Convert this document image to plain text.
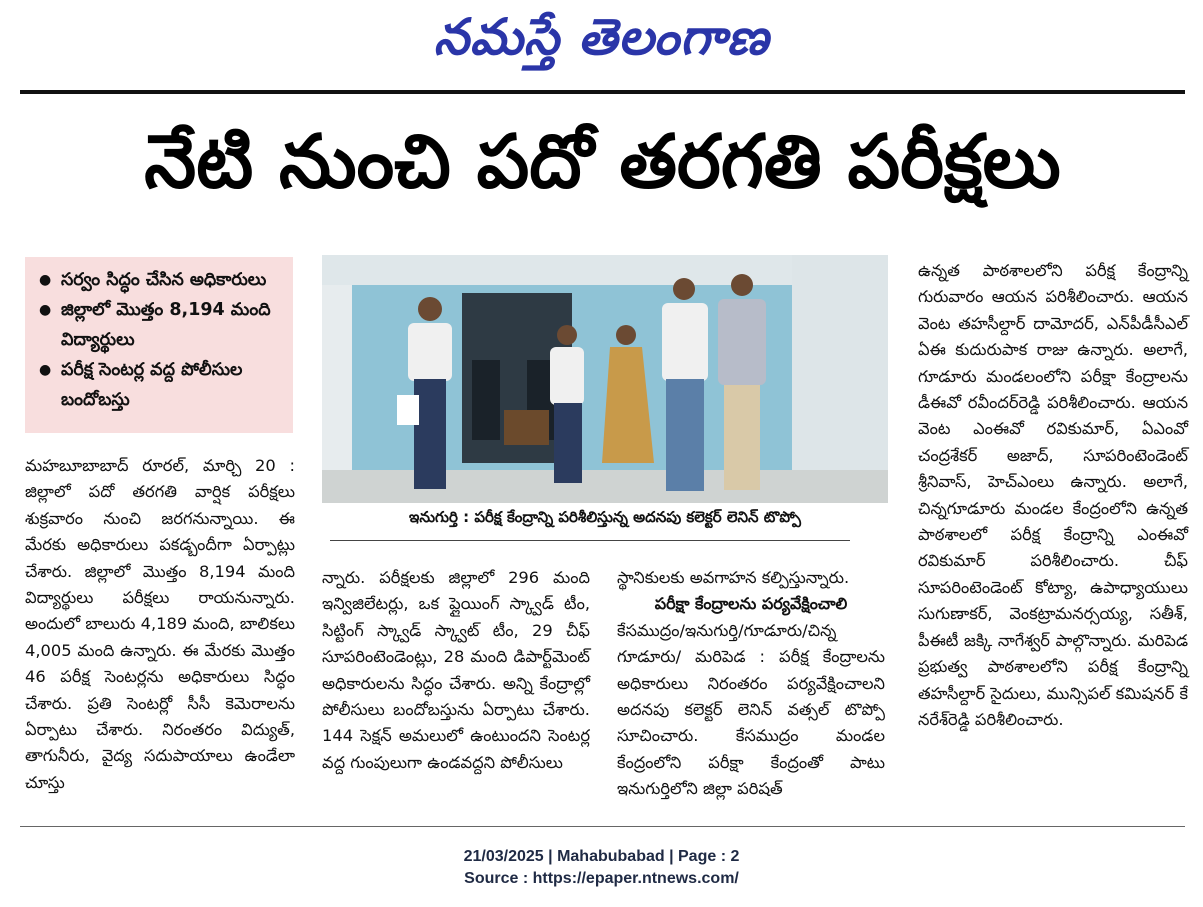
నమస్తే తెలంగాణ
నేటి నుంచి పదో తరగతి పరీక్షలు
● సర్వం సిద్ధం చేసిన అధికారులు
● జిల్లాలో మొత్తం 8,194 మంది విద్యార్థులు
● పరీక్ష సెంటర్ల వద్ద పోలీసుల బందోబస్తు
ఇనుగుర్తి : పరీక్ష కేంద్రాన్ని పరిశీలిస్తున్న అదనపు కలెక్టర్ లెనిన్ టొప్పో

మహబూబాబాద్ రూరల్, మార్చి 20 : జిల్లాలో పదో తరగతి వార్షిక పరీక్షలు శుక్రవారం నుంచి జరగనున్నాయి. ఈ మేరకు అధికారులు పకడ్బందీగా ఏర్పాట్లు చేశారు. జిల్లాలో మొత్తం 8,194 మంది విద్యార్థులు పరీక్షలు రాయనున్నారు. అందులో బాలురు 4,189 మంది, బాలికలు 4,005 మంది ఉన్నారు. ఈ మేరకు మొత్తం 46 పరీక్ష సెంటర్లను అధికారులు సిద్ధం చేశారు. ప్రతి సెంటర్లో సీసీ కెమెరాలను ఏర్పాటు చేశారు. నిరంతరం విద్యుత్, తాగునీరు, వైద్య సదుపాయాలు ఉండేలా చూస్తు

న్నారు. పరీక్షలకు జిల్లాలో 296 మంది ఇన్విజిలేటర్లు, ఒక ప్లైయింగ్ స్క్వాడ్ టీం, సిట్టింగ్ స్క్వాడ్ స్క్వాట్ టీం, 29 చీఫ్ సూపరింటెండెంట్లు, 28 మంది డిపార్ట్‌మెంట్ అధికారులను సిద్ధం చేశారు. అన్ని కేంద్రాల్లో పోలీసులు బందోబస్తును ఏర్పాటు చేశారు. 144 సెక్షన్ అమలులో ఉంటుందని సెంటర్ల వద్ద గుంపులుగా ఉండవద్దని పోలీసులు

స్థానికులకు అవగాహన కల్పిస్తున్నారు.

పరీక్షా కేంద్రాలను పర్యవేక్షించాలి

కేసముద్రం/ఇనుగుర్తి/గూడూరు/చిన్న గూడూరు/ మరిపెడ : పరీక్ష కేంద్రాలను అధికారులు నిరంతరం పర్యవేక్షించాలని అదనపు కలెక్టర్ లెనిన్ వత్సల్ టొప్పో సూచించారు. కేసముద్రం మండల కేంద్రంలోని పరీక్షా కేంద్రంతో పాటు ఇనుగుర్తిలోని జిల్లా పరిషత్

ఉన్నత పాఠశాలలోని పరీక్ష కేంద్రాన్ని గురువారం ఆయన పరిశీలించారు. ఆయన వెంట తహసీల్దార్ దామోదర్, ఎన్‌పీడీసీఎల్ ఏఈ కుదురుపాక రాజు ఉన్నారు. అలాగే, గూడూరు మండలంలోని పరీక్షా కేంద్రాలను డీఈవో రవీందర్‌రెడ్డి పరిశీలించారు. ఆయన వెంట ఎంఈవో రవికుమార్, ఏఎంవో చంద్రశేకర్ అజాద్, సూపరింటెండెంట్ శ్రీనివాస్, హెచ్‌ఎంలు ఉన్నారు. అలాగే, చిన్నగూడూరు మండల కేంద్రంలోని ఉన్నత పాఠశాలలో పరీక్ష కేంద్రాన్ని ఎంఈవో రవికుమార్ పరిశీలించారు. చీఫ్ సూపరింటెండెంట్ కోట్యా, ఉపాధ్యాయులు సుగుణాకర్, వెంకట్రామనర్సయ్య, సతీశ్, పీఈటీ జక్కి నాగేశ్వర్ పాల్గొన్నారు. మరిపెడ ప్రభుత్వ పాఠశాలలోని పరీక్ష కేంద్రాన్ని తహసీల్దార్ సైదులు, మున్సిపల్ కమిషనర్ కే నరేశ్‌రెడ్డి పరిశీలించారు.

21/03/2025 | Mahabubabad | Page : 2
Source : https://epaper.ntnews.com/
